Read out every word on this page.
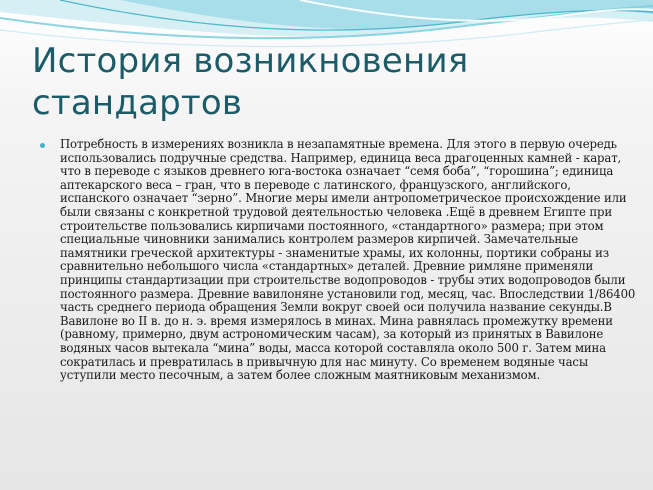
История возникновения стандартов
Потребность в измерениях возникла в незапамятные времена. Для этого в первую очередь использовались подручные средства. Например, единица веса драгоценных камней - карат, что в переводе с языков древнего юга-востока означает “семя боба”, “горошина”; единица аптекарского веса – гран, что в переводе с латинского, французского, английского, испанского означает “зерно”. Многие меры имели антропометрическое происхождение или были связаны с конкретной трудовой деятельностью человека .Ещё в древнем Египте при строительстве пользовались кирпичами постоянного, «стандартного» размера; при этом специальные чиновники занимались контролем размеров кирпичей. Замечательные памятники греческой архитектуры - знаменитые храмы, их колонны, портики собраны из сравнительно небольшого числа «стандартных» деталей. Древние римляне применяли принципы стандартизации при строительстве водопроводов - трубы этих водопроводов были постоянного размера. Древние вавилоняне установили год, месяц, час. Впоследствии 1/86400 часть среднего периода обращения Земли вокруг своей оси получила название секунды.В Вавилоне во II в. до н. э. время измерялось в минах. Мина равнялась промежутку времени (равному, примерно, двум астрономическим часам), за который из принятых в Вавилоне водяных часов вытекала “мина” воды, масса которой составляла около 500 г. Затем мина сократилась и превратилась в привычную для нас минуту. Со временем водяные часы уступили место песочным, а затем более сложным маятниковым механизмом.
